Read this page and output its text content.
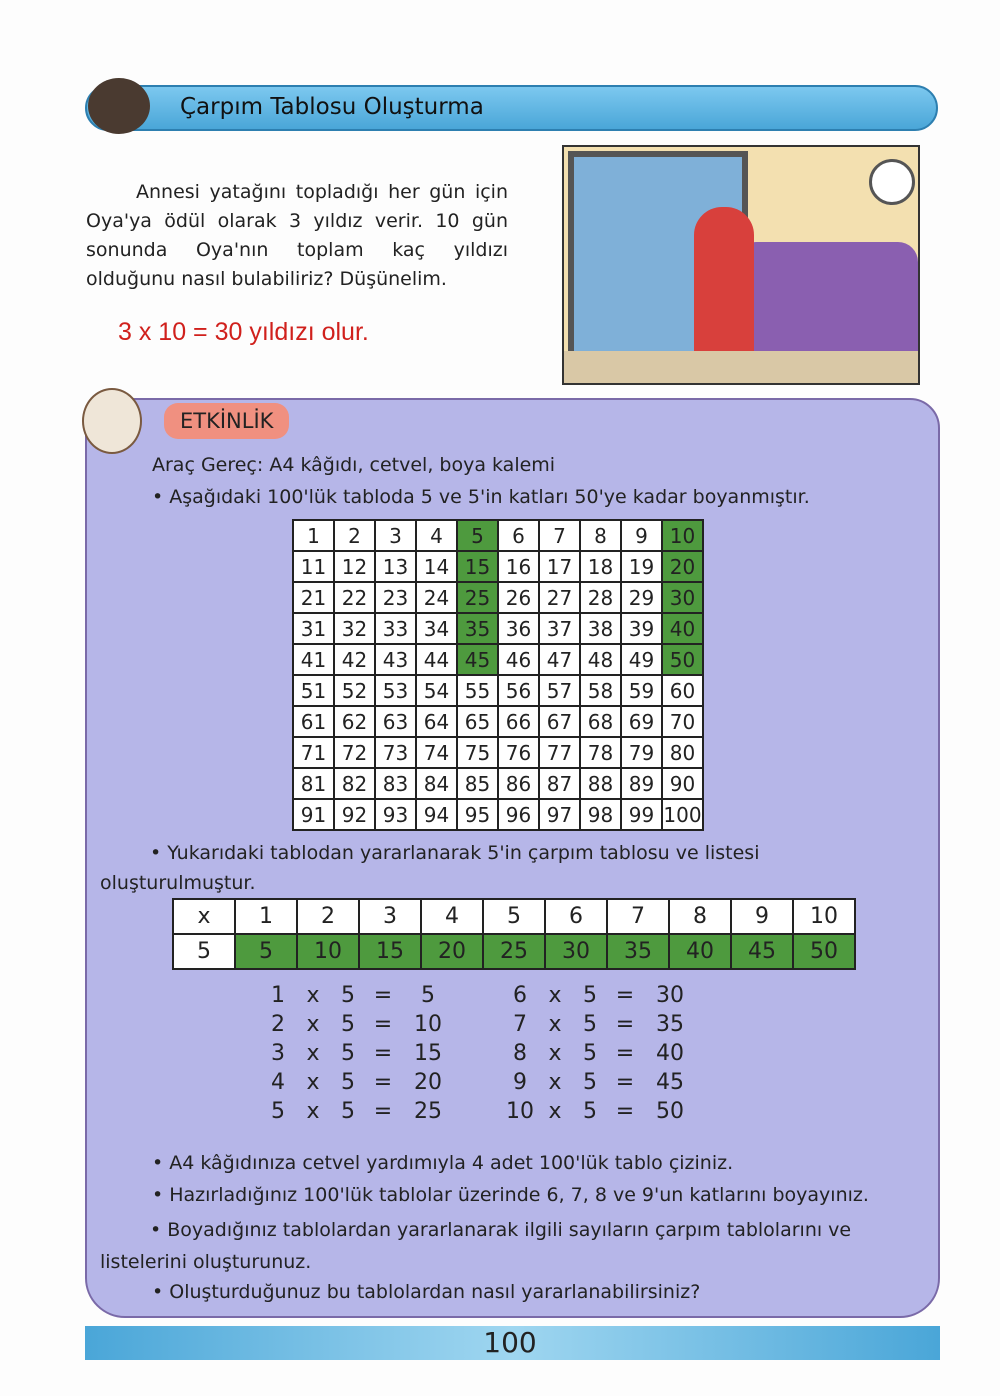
Çarpım Tablosu Oluşturma
Annesi yatağını topladığı her gün için Oya'ya ödül olarak 3 yıldız verir. 10 gün sonunda Oya'nın toplam kaç yıldızı olduğunu nasıl bulabiliriz? Düşünelim.
3 x 10 = 30 yıldızı olur.
ETKİNLİK
Araç Gereç: A4 kâğıdı, cetvel, boya kalemi
• Aşağıdaki 100'lük tabloda 5 ve 5'in katları 50'ye kadar boyanmıştır.
1	2	3	4	5	6	7	8	9	10
11	12	13	14	15	16	17	18	19	20
21	22	23	24	25	26	27	28	29	30
31	32	33	34	35	36	37	38	39	40
41	42	43	44	45	46	47	48	49	50
51	52	53	54	55	56	57	58	59	60
61	62	63	64	65	66	67	68	69	70
71	72	73	74	75	76	77	78	79	80
81	82	83	84	85	86	87	88	89	90
91	92	93	94	95	96	97	98	99	100
• Yukarıdaki tablodan yararlanarak 5'in çarpım tablosu ve listesi oluşturulmuştur.
x	1	2	3	4	5	6	7	8	9	10
5	5	10	15	20	25	30	35	40	45	50
1 x 5 =	5
2 x 5 = 10
3 x 5 = 15
4 x 5 = 20
5 x 5 = 25
6 x 5 = 30
7 x 5 = 35
8 x 5 = 40
9 x 5 = 45
10 x 5 = 50
• A4 kâğıdınıza cetvel yardımıyla 4 adet 100'lük tablo çiziniz.
• Hazırladığınız 100'lük tablolar üzerinde 6, 7, 8 ve 9'un katlarını boyayınız.
• Boyadığınız tablolardan yararlanarak ilgili sayıların çarpım tablolarını ve listelerini oluşturunuz.
• Oluşturduğunuz bu tablolardan nasıl yararlanabilirsiniz?
100
